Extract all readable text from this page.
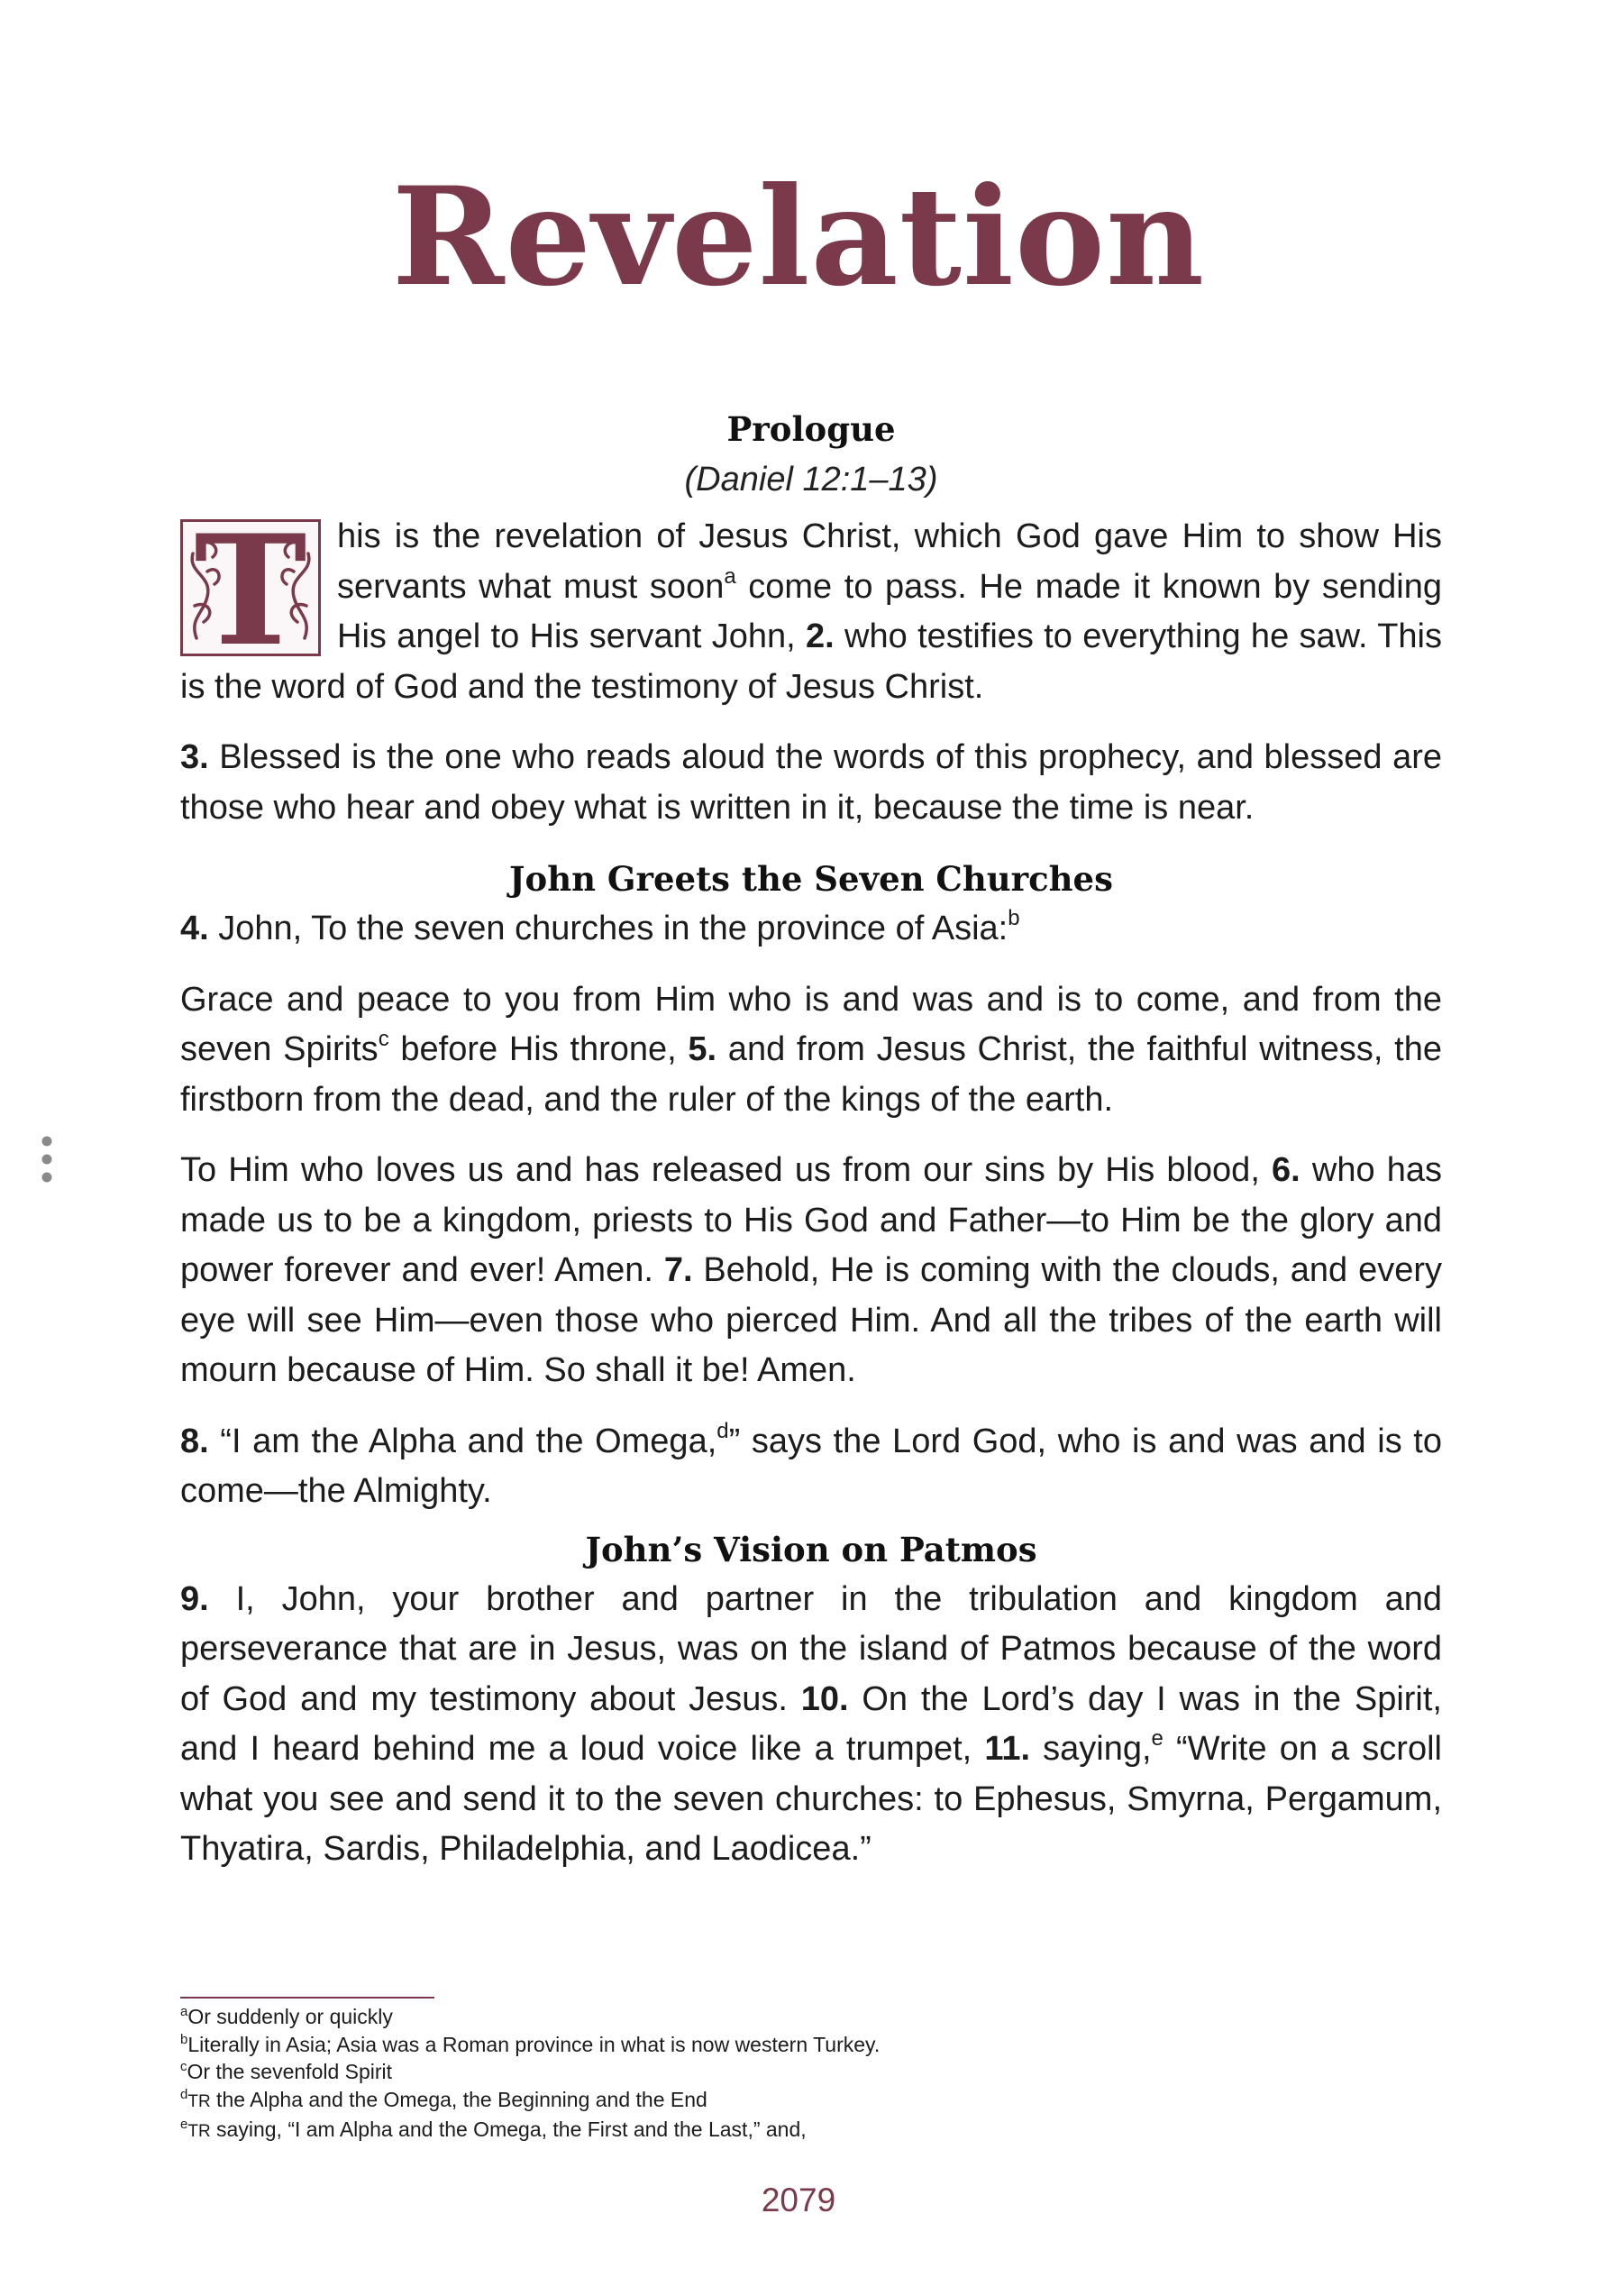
Revelation
Prologue
(Daniel 12:1–13)

T his is the revelation of Jesus Christ, which God gave Him to show His servants what must soon$^a$ come to pass. He made it known by sending His angel to His servant John, 2. who testifies to everything he saw. This is the word of God and the testimony of Jesus Christ.

3. Blessed is the one who reads aloud the words of this prophecy, and blessed are those who hear and obey what is written in it, because the time is near.

John Greets the Seven Churches

4. John, To the seven churches in the province of Asia:$^b$

Grace and peace to you from Him who is and was and is to come, and from the seven Spirits$^c$ before His throne, 5. and from Jesus Christ, the faithful witness, the firstborn from the dead, and the ruler of the kings of the earth.

To Him who loves us and has released us from our sins by His blood, 6. who has made us to be a kingdom, priests to His God and Father—to Him be the glory and power forever and ever! Amen. 7. Behold, He is coming with the clouds, and every eye will see Him—even those who pierced Him. And all the tribes of the earth will mourn because of Him. So shall it be! Amen.

8. “I am the Alpha and the Omega,$^d$” says the Lord God, who is and was and is to come—the Almighty.

John’s Vision on Patmos

9. I, John, your brother and partner in the tribulation and kingdom and perseverance that are in Jesus, was on the island of Patmos because of the word of God and my testimony about Jesus. 10. On the Lord’s day I was in the Spirit, and I heard behind me a loud voice like a trumpet, 11. saying,$^e$ “Write on a scroll what you see and send it to the seven churches: to Ephesus, Smyrna, Pergamum, Thyatira, Sardis, Philadelphia, and Laodicea.”

$^a$Or suddenly or quickly
$^b$Literally in Asia; Asia was a Roman province in what is now western Turkey.
$^c$Or the sevenfold Spirit
$^d$TR the Alpha and the Omega, the Beginning and the End
$^e$TR saying, “I am Alpha and the Omega, the First and the Last,” and,
2079
